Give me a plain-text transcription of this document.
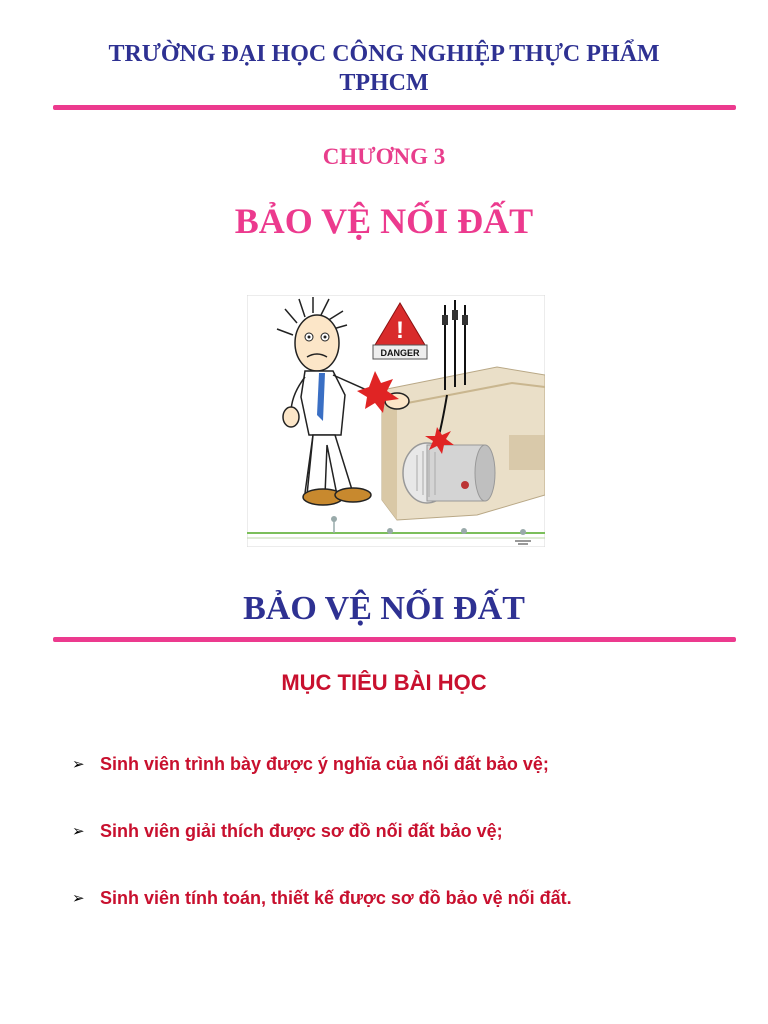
TRƯỜNG ĐẠI HỌC CÔNG NGHIỆP THỰC PHẨM
TPHCM
CHƯƠNG 3
BẢO VỆ NỐI ĐẤT
!
DANGER
BẢO VỆ NỐI ĐẤT
MỤC TIÊU BÀI HỌC
➢ Sinh viên trình bày được ý nghĩa của nối đất bảo vệ;
➢ Sinh viên giải thích được sơ đồ nối đất bảo vệ;
➢ Sinh viên tính toán, thiết kế được sơ đồ bảo vệ nối đất.
